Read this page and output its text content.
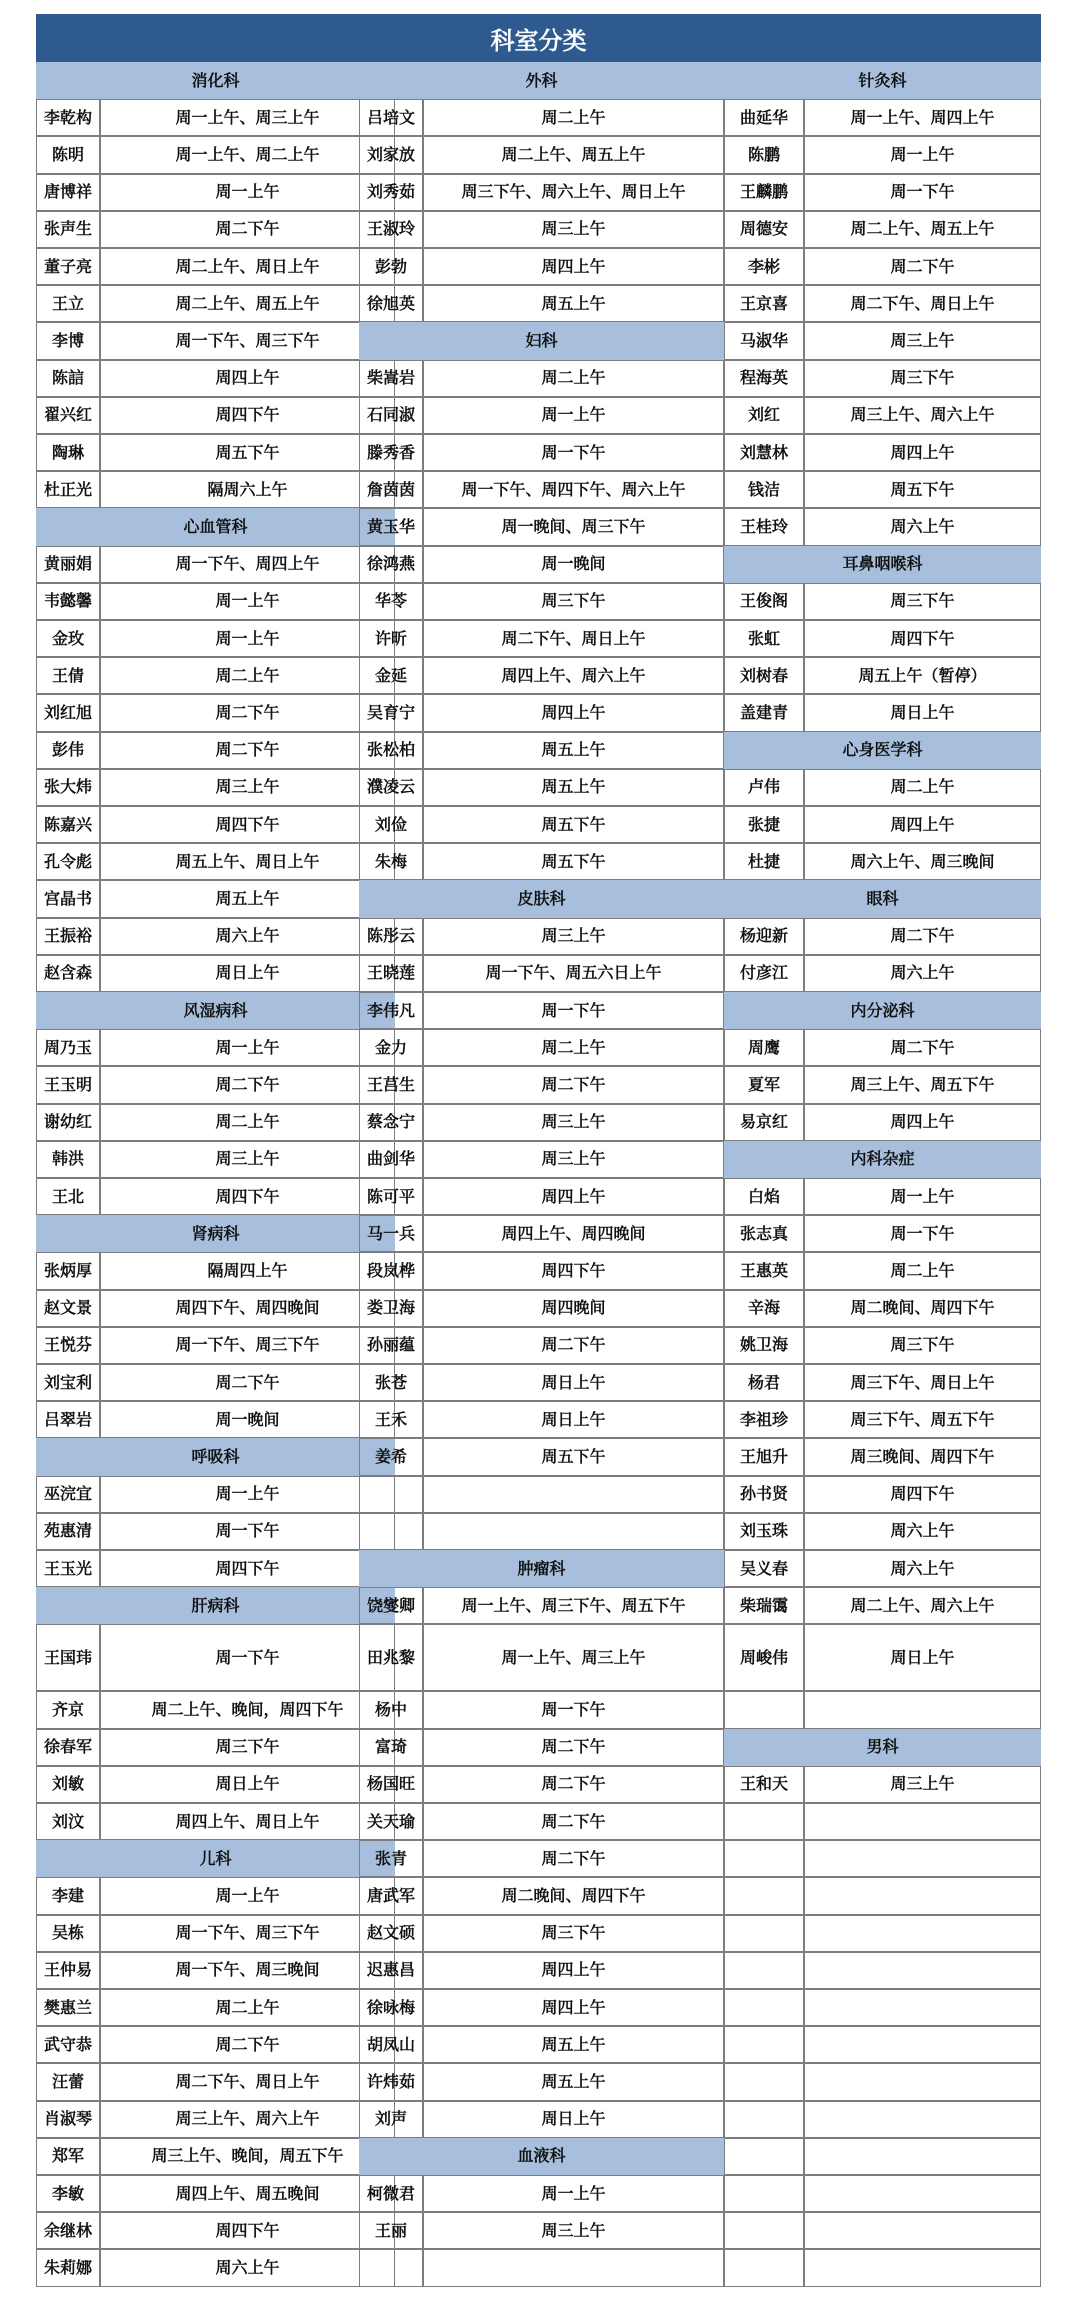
科室分类
消化科
李乾构	周一上午、周三上午
陈明	周一上午、周二上午
唐博祥	周一上午
张声生	周二下午
董子亮	周二上午、周日上午
王立	周二上午、周五上午
李博	周一下午、周三下午
陈誩	周四上午
翟兴红	周四下午
陶琳	周五下午
杜正光	隔周六上午
心血管科
黄丽娟	周一下午、周四上午
韦懿馨	周一上午
金玫	周一上午
王倩	周二上午
刘红旭	周二下午
彭伟	周二下午
张大炜	周三上午
陈嘉兴	周四下午
孔令彪	周五上午、周日上午
宫晶书	周五上午
王振裕	周六上午
赵含森	周日上午
风湿病科
周乃玉	周一上午
王玉明	周二下午
谢幼红	周二上午
韩洪	周三上午
王北	周四下午
肾病科
张炳厚	隔周四上午
赵文景	周四下午、周四晚间
王悦芬	周一下午、周三下午
刘宝利	周二下午
吕翠岩	周一晚间
呼吸科
巫浣宜	周一上午
苑惠清	周一下午
王玉光	周四下午
肝病科
王国玮	周一下午
齐京	周二上午、晚间，周四下午
徐春军	周三下午
刘敏	周日上午
刘汶	周四上午、周日上午
儿科
李建	周一上午
吴栋	周一下午、周三下午
王仲易	周一下午、周三晚间
樊惠兰	周二上午
武守恭	周二下午
汪蕾	周二下午、周日上午
肖淑琴	周三上午、周六上午
郑军	周三上午、晚间，周五下午
李敏	周四上午、周五晚间
余继林	周四下午
朱莉娜	周六上午
外科
吕培文	周二上午
刘家放	周二上午、周五上午
刘秀茹	周三下午、周六上午、周日上午
王淑玲	周三上午
彭勃	周四上午
徐旭英	周五上午
妇科
柴嵩岩	周二上午
石同淑	周一上午
滕秀香	周一下午
詹茵茵	周一下午、周四下午、周六上午
黄玉华	周一晚间、周三下午
徐鸿燕	周一晚间
华苓	周三下午
许昕	周二下午、周日上午
金延	周四上午、周六上午
吴育宁	周四上午
张松柏	周五上午
濮凌云	周五上午
刘俭	周五下午
朱梅	周五下午
皮肤科
陈彤云	周三上午
王晓莲	周一下午、周五六日上午
李伟凡	周一下午
金力	周二上午
王莒生	周二下午
蔡念宁	周三上午
曲剑华	周三上午
陈可平	周四上午
马一兵	周四上午、周四晚间
段岚桦	周四下午
娄卫海	周四晚间
孙丽蕴	周二下午
张苍	周日上午
王禾	周日上午
姜希	周五下午
肿瘤科
饶燮卿	周一上午、周三下午、周五下午
田兆黎	周一上午、周三上午
杨中	周一下午
富琦	周二下午
杨国旺	周二下午
关天瑜	周二下午
张青	周二下午
唐武军	周二晚间、周四下午
赵文硕	周三下午
迟惠昌	周四上午
徐咏梅	周四上午
胡凤山	周五上午
许炜茹	周五上午
刘声	周日上午
血液科
柯微君	周一上午
王丽	周三上午
针灸科
曲延华	周一上午、周四上午
陈鹏	周一上午
王麟鹏	周一下午
周德安	周二上午、周五上午
李彬	周二下午
王京喜	周二下午、周日上午
马淑华	周三上午
程海英	周三下午
刘红	周三上午、周六上午
刘慧林	周四上午
钱洁	周五下午
王桂玲	周六上午
耳鼻咽喉科
王俊阁	周三下午
张虹	周四下午
刘树春	周五上午（暂停）
盖建青	周日上午
心身医学科
卢伟	周二上午
张捷	周四上午
杜捷	周六上午、周三晚间
眼科
杨迎新	周二下午
付彦江	周六上午
内分泌科
周鹰	周二下午
夏军	周三上午、周五下午
易京红	周四上午
内科杂症
白焰	周一上午
张志真	周一下午
王惠英	周二上午
辛海	周二晚间、周四下午
姚卫海	周三下午
杨君	周三下午、周日上午
李祖珍	周三下午、周五下午
王旭升	周三晚间、周四下午
孙书贤	周四下午
刘玉珠	周六上午
吴义春	周六上午
柴瑞霭	周二上午、周六上午
周峻伟	周日上午
男科
王和天	周三上午
